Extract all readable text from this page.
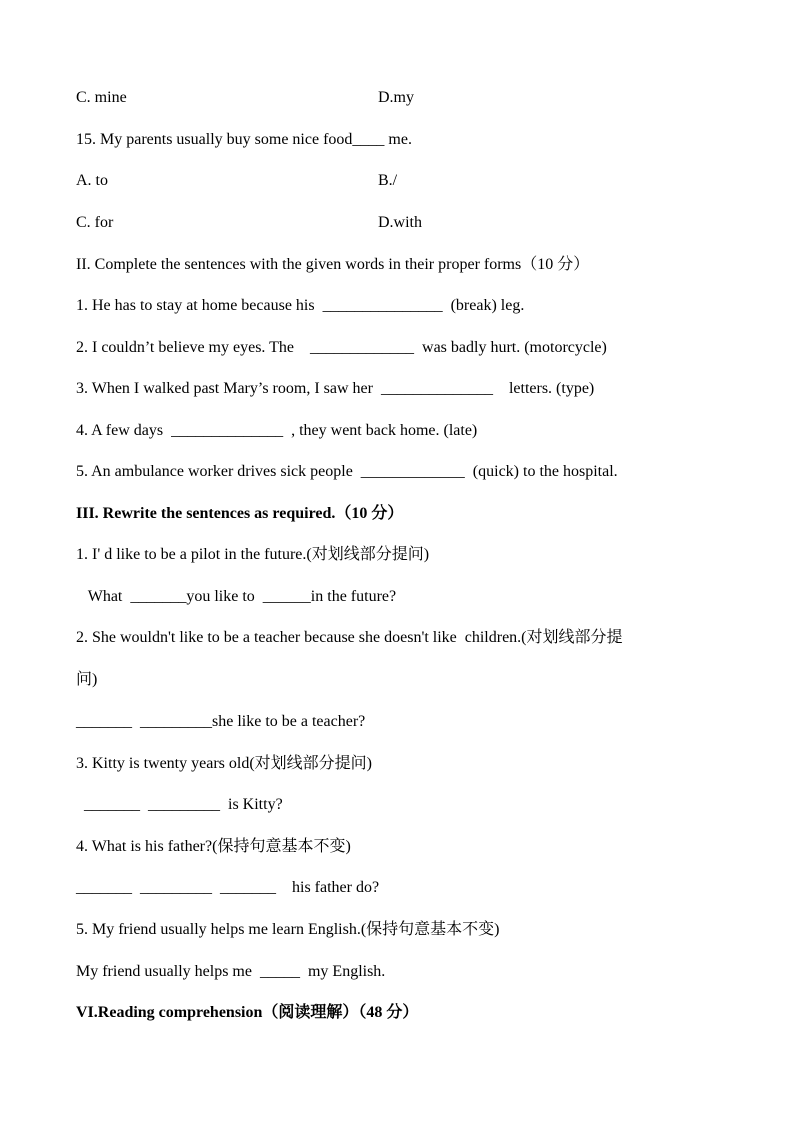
C. mine	D.my
15. My parents usually buy some nice food____ me.
A. to	B./
C. for	D.with
II. Complete the sentences with the given words in their proper forms（10 分）
1. He has to stay at home because his  _______________  (break) leg.
2. I couldn’t believe my eyes. The    _____________  was badly hurt. (motorcycle)
3. When I walked past Mary’s room, I saw her  ______________    letters. (type)
4. A few days  ______________  , they went back home. (late)
5. An ambulance worker drives sick people  _____________  (quick) to the hospital.
III. Rewrite the sentences as required.（10 分）
1. I' d like to be a pilot in the future.(对划线部分提问)
What  _______you like to  ______in the future?
2. She wouldn't like to be a teacher because she doesn't like  children.(对划线部分提
问)
_______  _________she like to be a teacher?
3. Kitty is twenty years old(对划线部分提问)
_______  _________  is Kitty?
4. What is his father?(保持句意基本不变)
_______  _________  _______    his father do?
5. My friend usually helps me learn English.(保持句意基本不变)
My friend usually helps me  _____  my English.
VI.Reading comprehension（阅读理解）（48 分）
